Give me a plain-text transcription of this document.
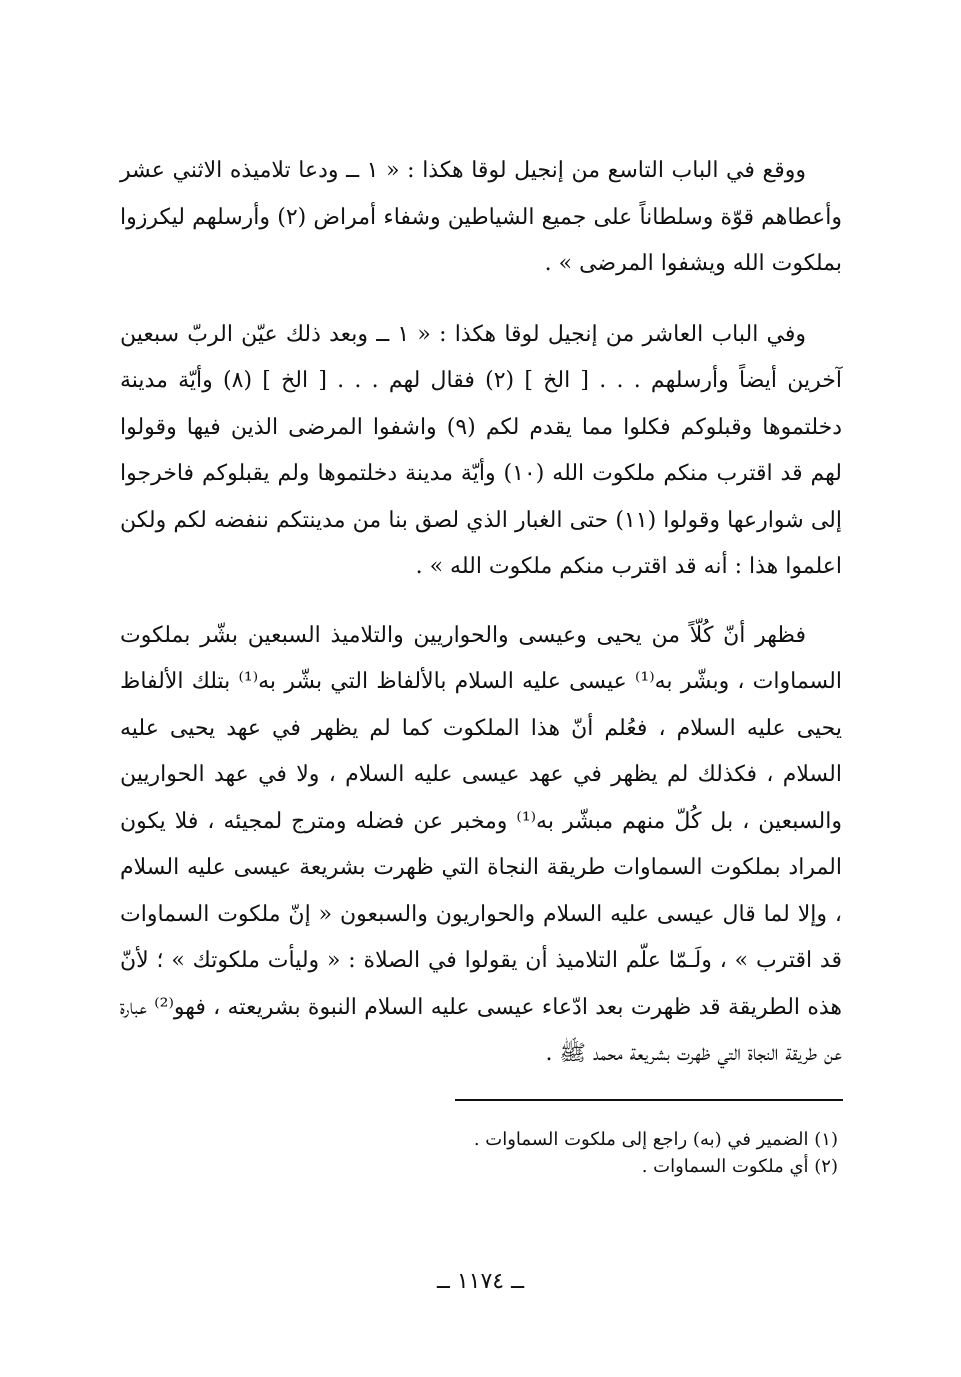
ووقع في الباب التاسع من إنجيل لوقا هكذا : « ١ ــ ودعا تلاميذه الاثني عشر وأعطاهم قوّة وسلطاناً على جميع الشياطين وشفاء أمراض (٢) وأرسلهم ليكرزوا بملكوت الله ويشفوا المرضى » .

وفي الباب العاشر من إنجيل لوقا هكذا : « ١ ــ وبعد ذلك عيّن الربّ سبعين آخرين أيضاً وأرسلهم . . . [ الخ ] (٢) فقال لهم . . . [ الخ ] (٨) وأيّة مدينة دخلتموها وقبلوكم فكلوا مما يقدم لكم (٩) واشفوا المرضى الذين فيها وقولوا لهم قد اقترب منكم ملكوت الله (١٠) وأيّة مدينة دخلتموها ولم يقبلوكم فاخرجوا إلى شوارعها وقولوا (١١) حتى الغبار الذي لصق بنا من مدينتكم ننفضه لكم ولكن اعلموا هذا : أنه قد اقترب منكم ملكوت الله » .

فظهر أنّ كُلّاً من يحيى وعيسى والحواريين والتلاميذ السبعين بشّر بملكوت السماوات ، وبشّر به⁽¹⁾ عيسى عليه السلام بالألفاظ التي بشّر به⁽¹⁾ بتلك الألفاظ يحيى عليه السلام ، فعُلم أنّ هذا الملكوت كما لم يظهر في عهد يحيى عليه السلام ، فكذلك لم يظهر في عهد عيسى عليه السلام ، ولا في عهد الحواريين والسبعين ، بل كُلّ منهم مبشّر به⁽¹⁾ ومخبر عن فضله ومترج لمجيئه ، فلا يكون المراد بملكوت السماوات طريقة النجاة التي ظهرت بشريعة عيسى عليه السلام ، وإلا لما قال عيسى عليه السلام والحواريون والسبعون « إنّ ملكوت السماوات قد اقترب » ، ولَـمّا علّم التلاميذ أن يقولوا في الصلاة : « وليأت ملكوتك » ؛ لأنّ هذه الطريقة قد ظهرت بعد ادّعاء عيسى عليه السلام النبوة بشريعته ، فهو⁽²⁾ عبارة عن طريقة النجاة التي ظهرت بشريعة محمد ﷺ .

(١) الضمير في (به) راجع إلى ملكوت السماوات .

(٢) أي ملكوت السماوات .

ــ ١١٧٤ ــ
